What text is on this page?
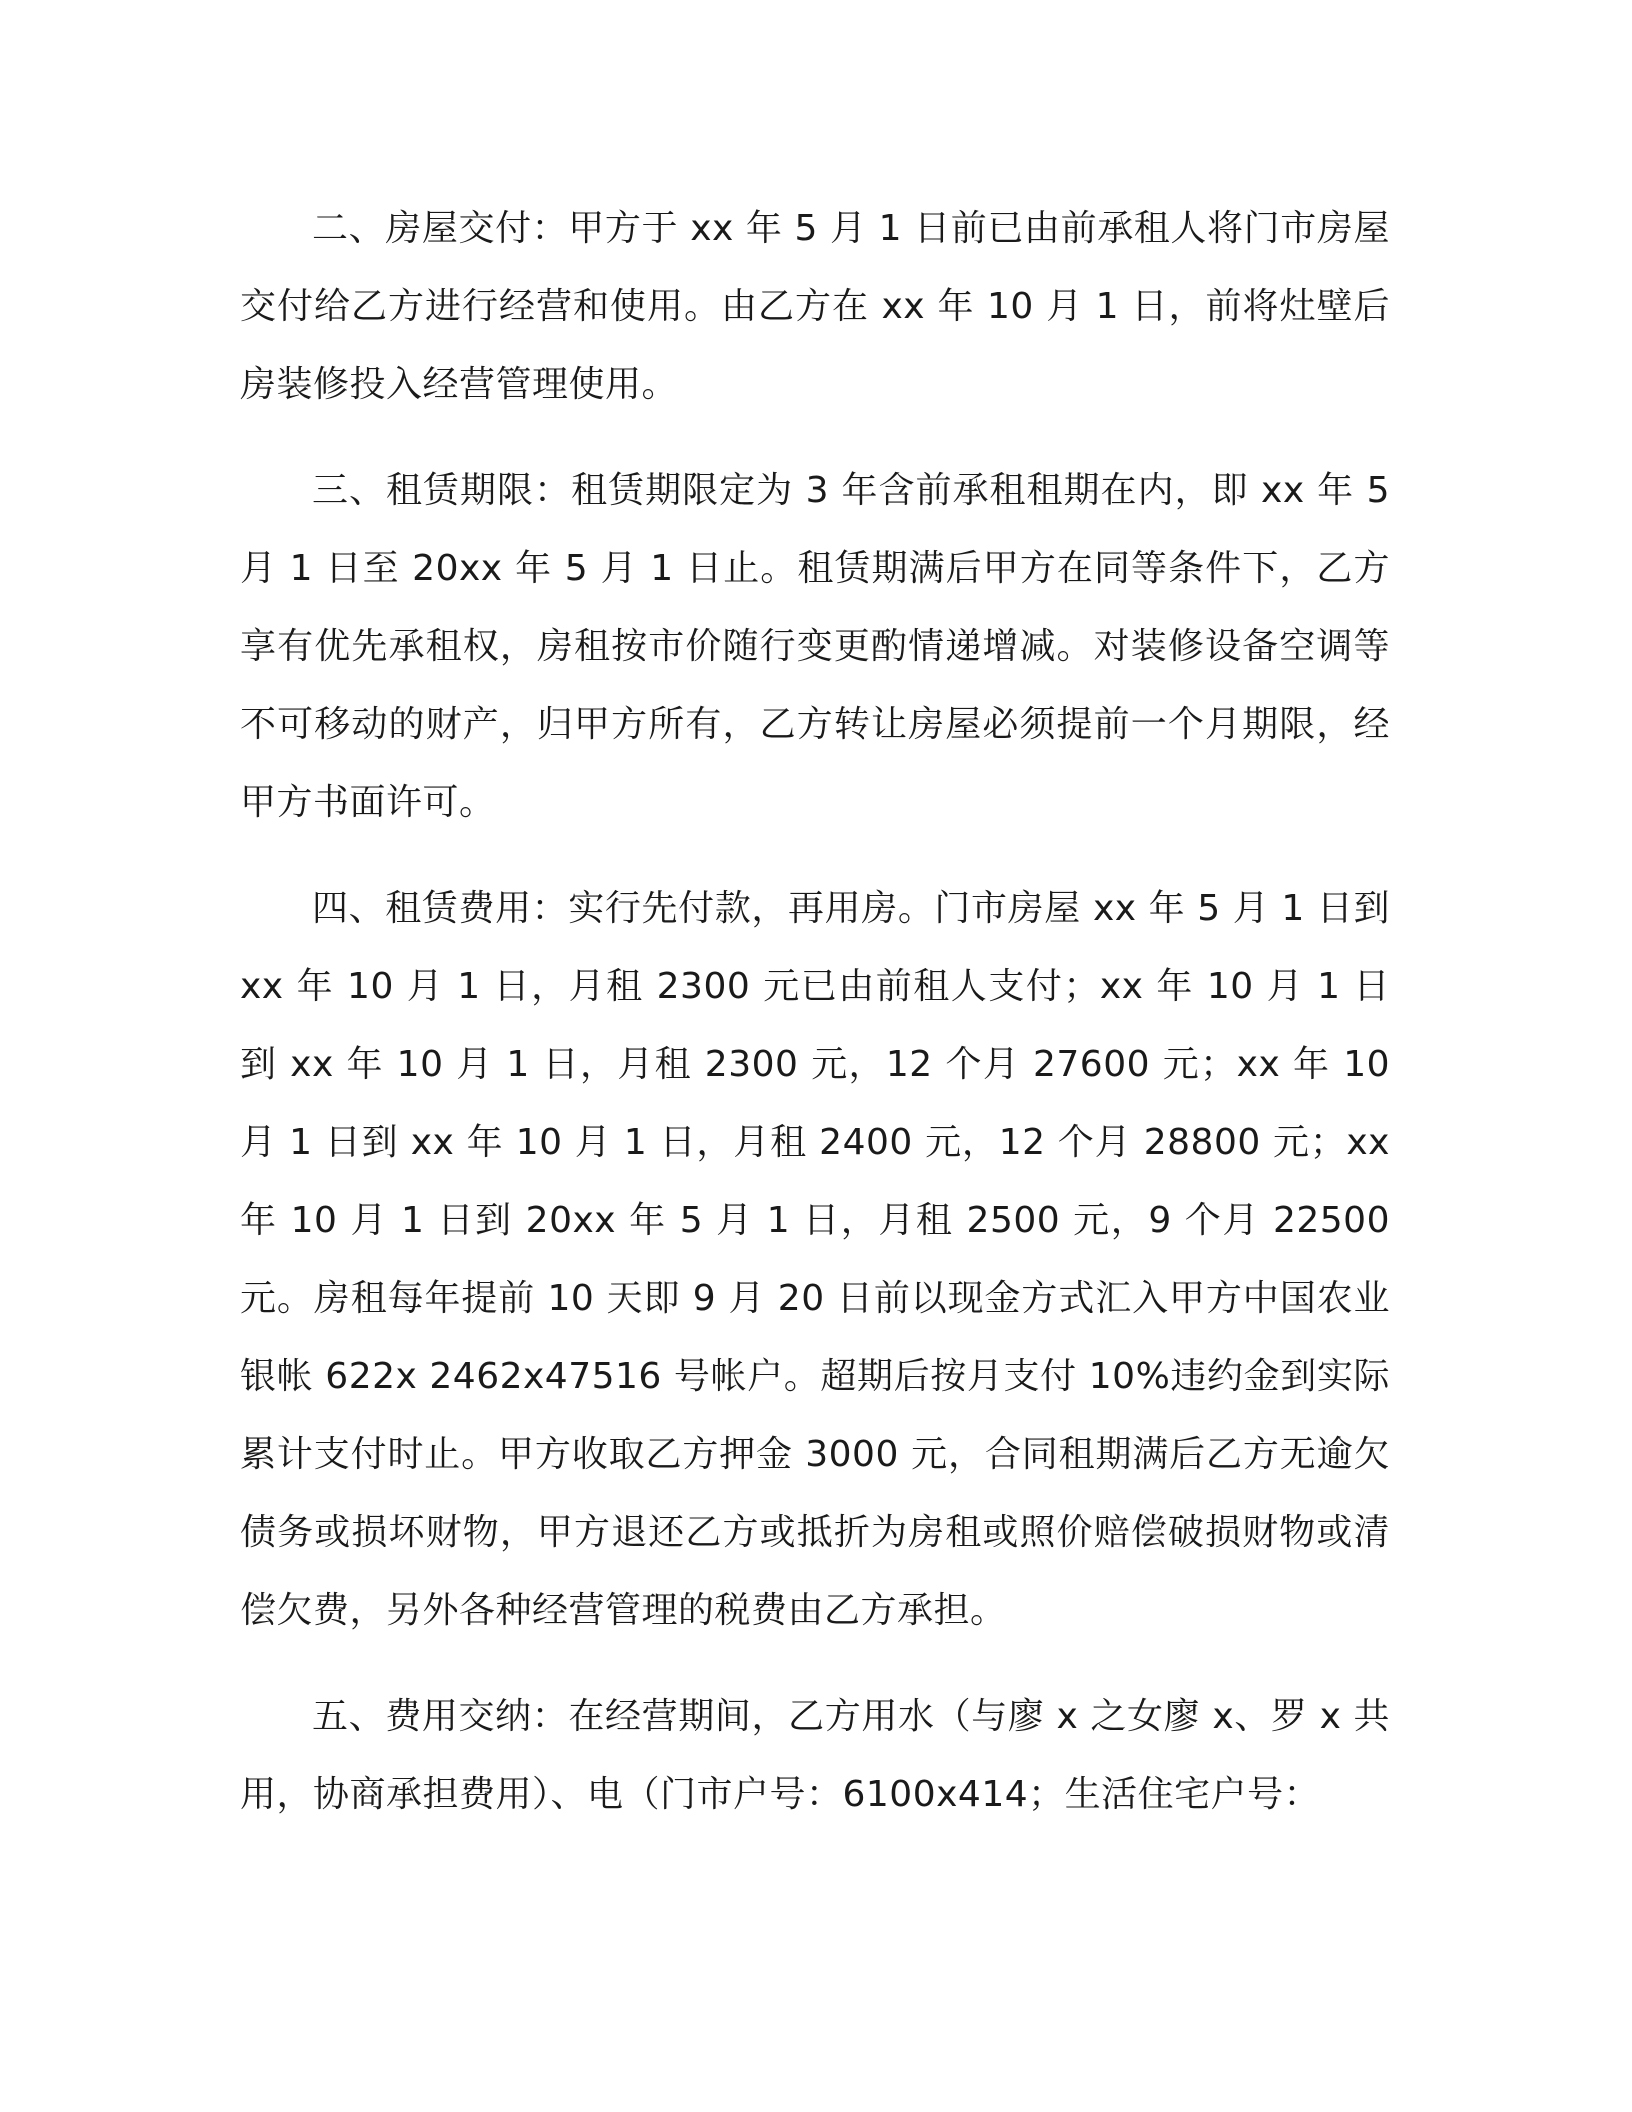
二、房屋交付：甲方于 xx 年 5 月 1 日前已由前承租人将门市房屋交付给乙方进行经营和使用。由乙方在 xx 年 10 月 1 日，前将灶壁后房装修投入经营管理使用。

三、租赁期限：租赁期限定为 3 年含前承租租期在内，即 xx 年 5 月 1 日至 20xx 年 5 月 1 日止。租赁期满后甲方在同等条件下，乙方享有优先承租权，房租按市价随行变更酌情递增减。对装修设备空调等不可移动的财产，归甲方所有，乙方转让房屋必须提前一个月期限，经甲方书面许可。

四、租赁费用：实行先付款，再用房。门市房屋 xx 年 5 月 1 日到 xx 年 10 月 1 日，月租 2300 元已由前租人支付；xx 年 10 月 1 日到 xx 年 10 月 1 日，月租 2300 元，12 个月 27600 元；xx 年 10 月 1 日到 xx 年 10 月 1 日，月租 2400 元，12 个月 28800 元；xx 年 10 月 1 日到 20xx 年 5 月 1 日，月租 2500 元，9 个月 22500 元。房租每年提前 10 天即 9 月 20 日前以现金方式汇入甲方中国农业银帐 622x 2462x47516 号帐户。超期后按月支付 10%违约金到实际累计支付时止。甲方收取乙方押金 3000 元，合同租期满后乙方无逾欠债务或损坏财物，甲方退还乙方或抵折为房租或照价赔偿破损财物或清偿欠费，另外各种经营管理的税费由乙方承担。

五、费用交纳：在经营期间，乙方用水（与廖 x 之女廖 x、罗 x 共用，协商承担费用）、电（门市户号：6100x414；生活住宅户号：
